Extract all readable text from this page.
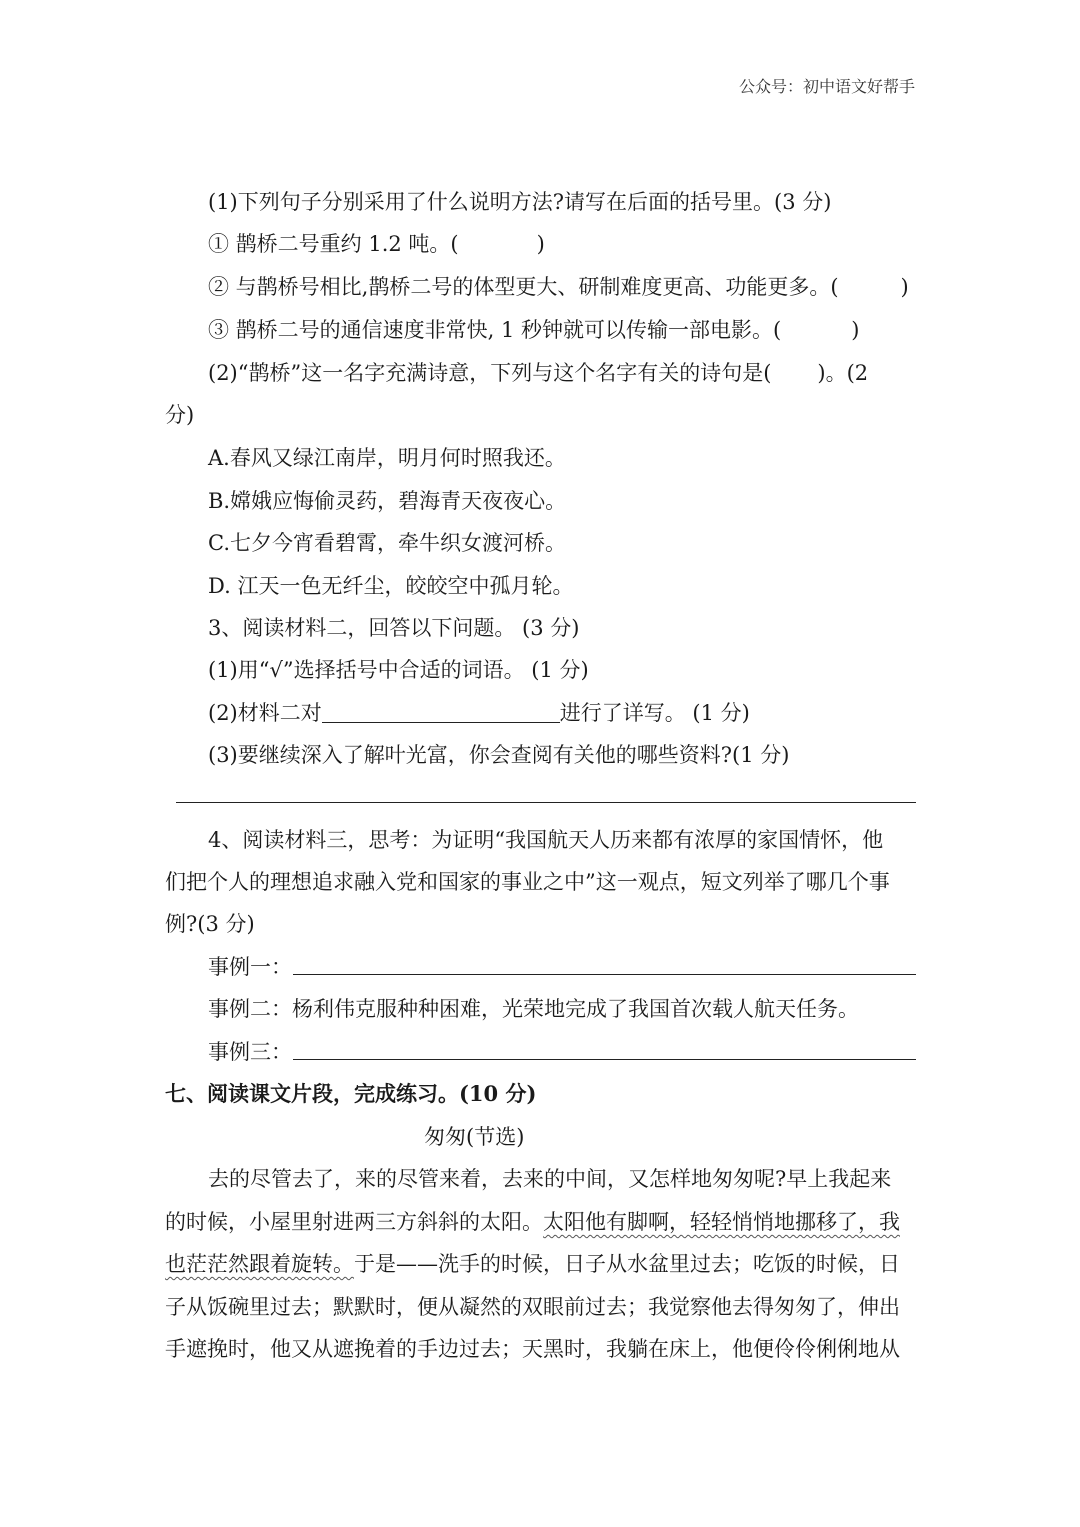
公众号：初中语文好帮手
(1)下列句子分别采用了什么说明方法?请写在后面的括号里。(3 分)
① 鹊桥二号重约 1.2 吨。(	)
② 与鹊桥号相比,鹊桥二号的体型更大、研制难度更高、功能更多。(	)
③ 鹊桥二号的通信速度非常快, 1 秒钟就可以传输一部电影。(	)
(2)“鹊桥”这一名字充满诗意，下列与这个名字有关的诗句是( )。(2
分)
A.春风又绿江南岸，明月何时照我还。
B.嫦娥应悔偷灵药，碧海青天夜夜心。
C.七夕今宵看碧霄，牵牛织女渡河桥。
D. 江天一色无纤尘，皎皎空中孤月轮。
3、阅读材料二，回答以下问题。 (3 分)
(1)用“√”选择括号中合适的词语。 (1 分)
(2)材料二对	进行了详写。 (1 分)
(3)要继续深入了解叶光富，你会查阅有关他的哪些资料?(1 分)
4、阅读材料三，思考：为证明“我国航天人历来都有浓厚的家国情怀，他
们把个人的理想追求融入党和国家的事业之中”这一观点，短文列举了哪几个事
例?(3 分)
事例一：
事例二：杨利伟克服种种困难，光荣地完成了我国首次载人航天任务。
事例三：
七、阅读课文片段，完成练习。(10 分)
匆匆(节选)
去的尽管去了，来的尽管来着，去来的中间，又怎样地匆匆呢?早上我起来
的时候，小屋里射进两三方斜斜的太阳。太阳他有脚啊，轻轻悄悄地挪移了，我
也茫茫然跟着旋转。于是——洗手的时候，日子从水盆里过去；吃饭的时候，日
子从饭碗里过去；默默时，便从凝然的双眼前过去；我觉察他去得匆匆了，伸出
手遮挽时，他又从遮挽着的手边过去；天黑时，我躺在床上，他便伶伶俐俐地从
